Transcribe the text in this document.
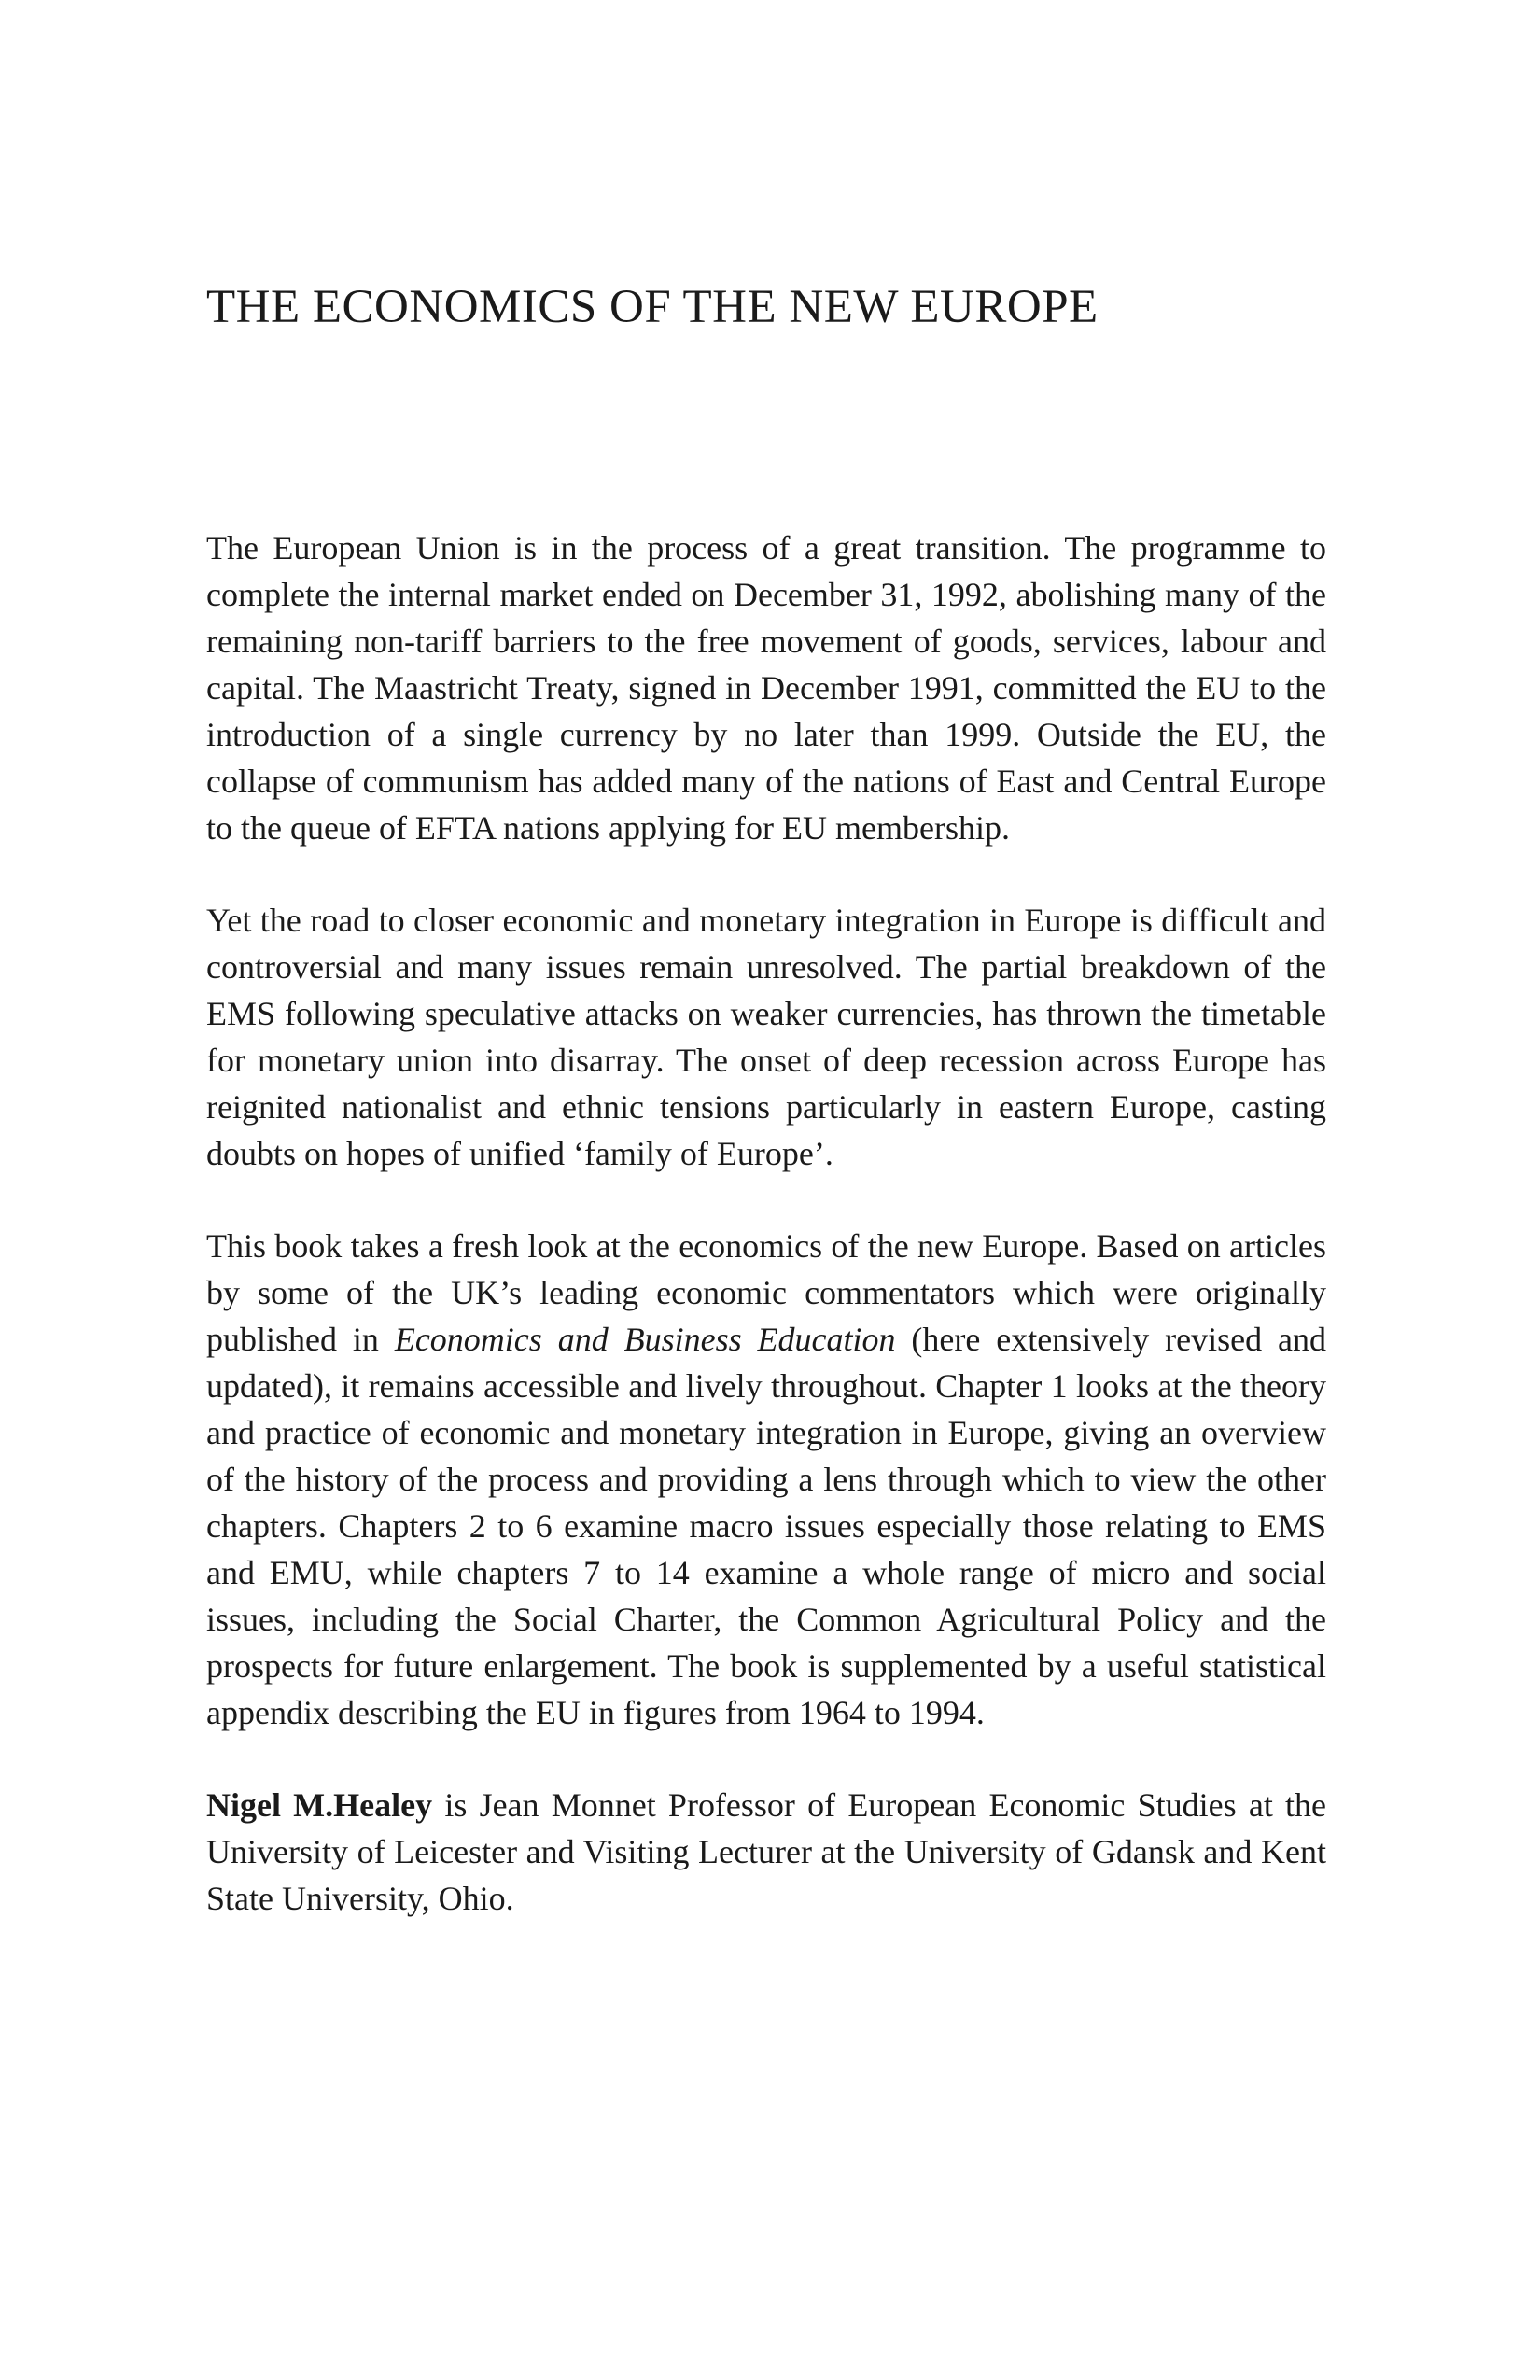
THE ECONOMICS OF THE NEW EUROPE

The European Union is in the process of a great transition. The programme to complete the internal market ended on December 31, 1992, abolishing many of the remaining non-tariff barriers to the free movement of goods, services, labour and capital. The Maastricht Treaty, signed in December 1991, committed the EU to the introduction of a single currency by no later than 1999. Outside the EU, the collapse of communism has added many of the nations of East and Central Europe to the queue of EFTA nations applying for EU membership.

Yet the road to closer economic and monetary integration in Europe is difficult and controversial and many issues remain unresolved. The partial breakdown of the EMS following speculative attacks on weaker currencies, has thrown the timetable for monetary union into disarray. The onset of deep recession across Europe has reignited nationalist and ethnic tensions particularly in eastern Europe, casting doubts on hopes of unified ‘family of Europe’.

This book takes a fresh look at the economics of the new Europe. Based on articles by some of the UK’s leading economic commentators which were originally published in Economics and Business Education (here extensively revised and updated), it remains accessible and lively throughout. Chapter 1 looks at the theory and practice of economic and monetary integration in Europe, giving an overview of the history of the process and providing a lens through which to view the other chapters. Chapters 2 to 6 examine macro issues especially those relating to EMS and EMU, while chapters 7 to 14 examine a whole range of micro and social issues, including the Social Charter, the Common Agricultural Policy and the prospects for future enlargement. The book is supplemented by a useful statistical appendix describing the EU in figures from 1964 to 1994.

Nigel M.Healey is Jean Monnet Professor of European Economic Studies at the University of Leicester and Visiting Lecturer at the University of Gdansk and Kent State University, Ohio.
